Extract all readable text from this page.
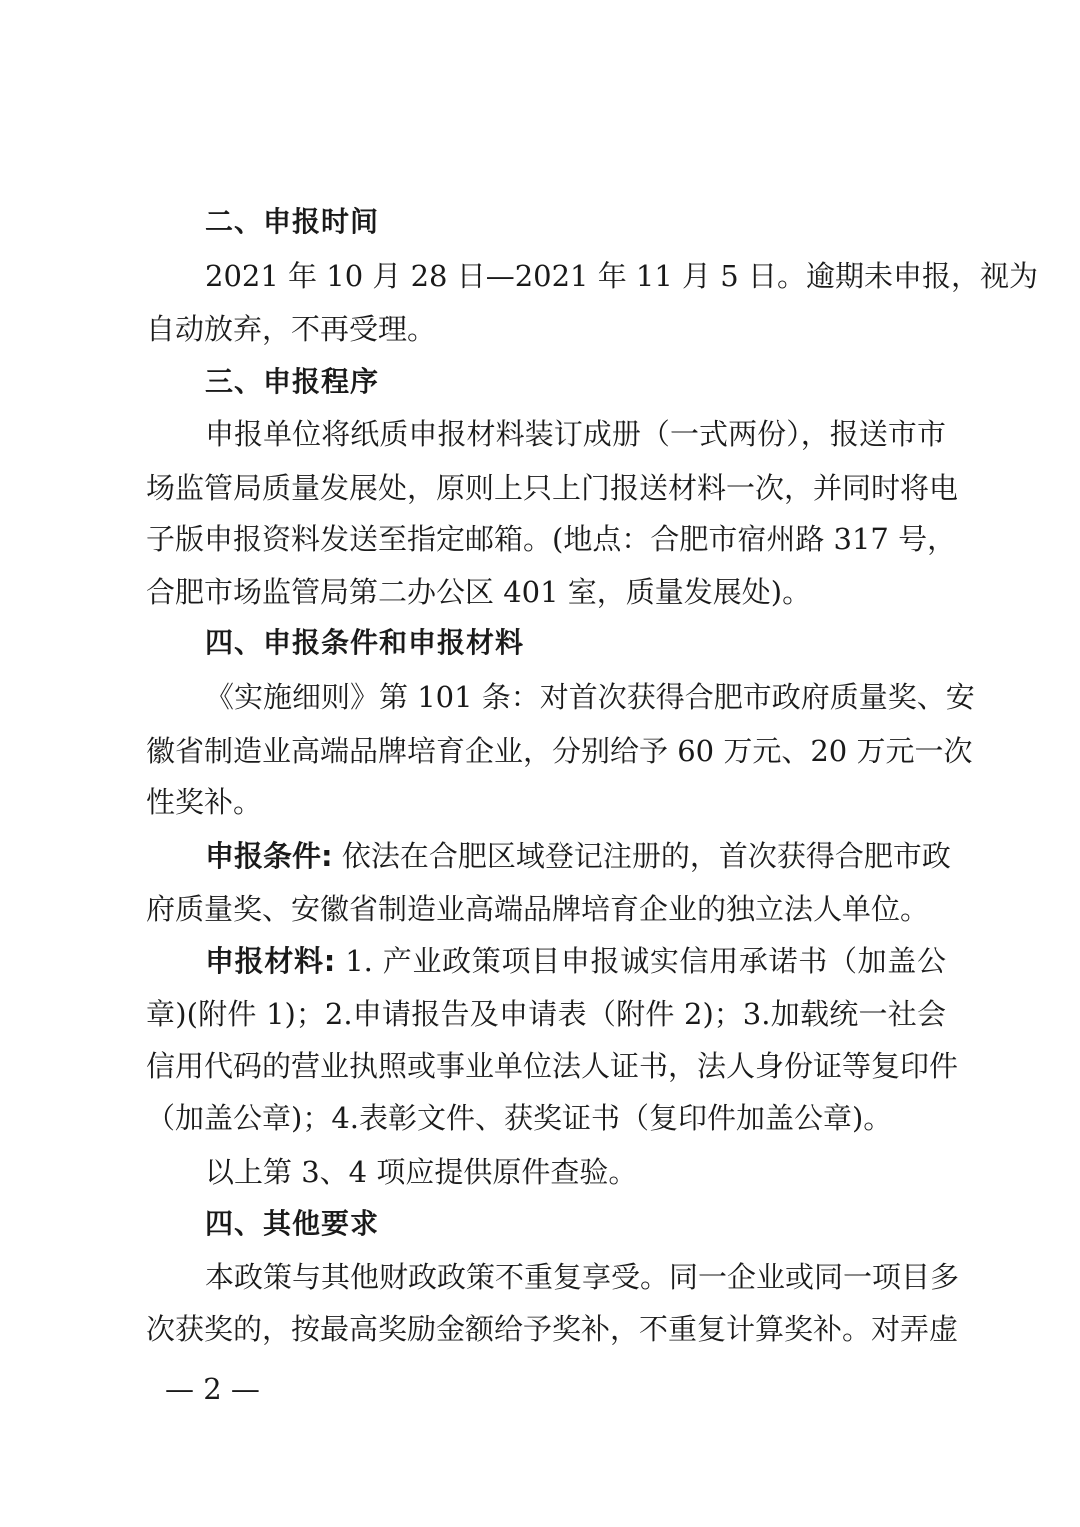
二、申报时间
2021 年 10 月 28 日—2021 年 11 月 5 日。逾期未申报，视为
自动放弃，不再受理。
三、申报程序
申报单位将纸质申报材料装订成册（一式两份），报送市市
场监管局质量发展处，原则上只上门报送材料一次，并同时将电
子版申报资料发送至指定邮箱。(地点：合肥市宿州路 317 号，
合肥市场监管局第二办公区 401 室，质量发展处)。
四、申报条件和申报材料
《实施细则》第 101 条：对首次获得合肥市政府质量奖、安
徽省制造业高端品牌培育企业，分别给予 60 万元、20 万元一次
性奖补。
申报条件: 依法在合肥区域登记注册的，首次获得合肥市政
府质量奖、安徽省制造业高端品牌培育企业的独立法人单位。
申报材料: 1. 产业政策项目申报诚实信用承诺书（加盖公
章)(附件 1)；2.申请报告及申请表（附件 2)；3.加载统一社会
信用代码的营业执照或事业单位法人证书，法人身份证等复印件
（加盖公章)；4.表彰文件、获奖证书（复印件加盖公章)。
以上第 3、4 项应提供原件查验。
四、其他要求
本政策与其他财政政策不重复享受。同一企业或同一项目多
次获奖的，按最高奖励金额给予奖补，不重复计算奖补。对弄虚
— 2 —
